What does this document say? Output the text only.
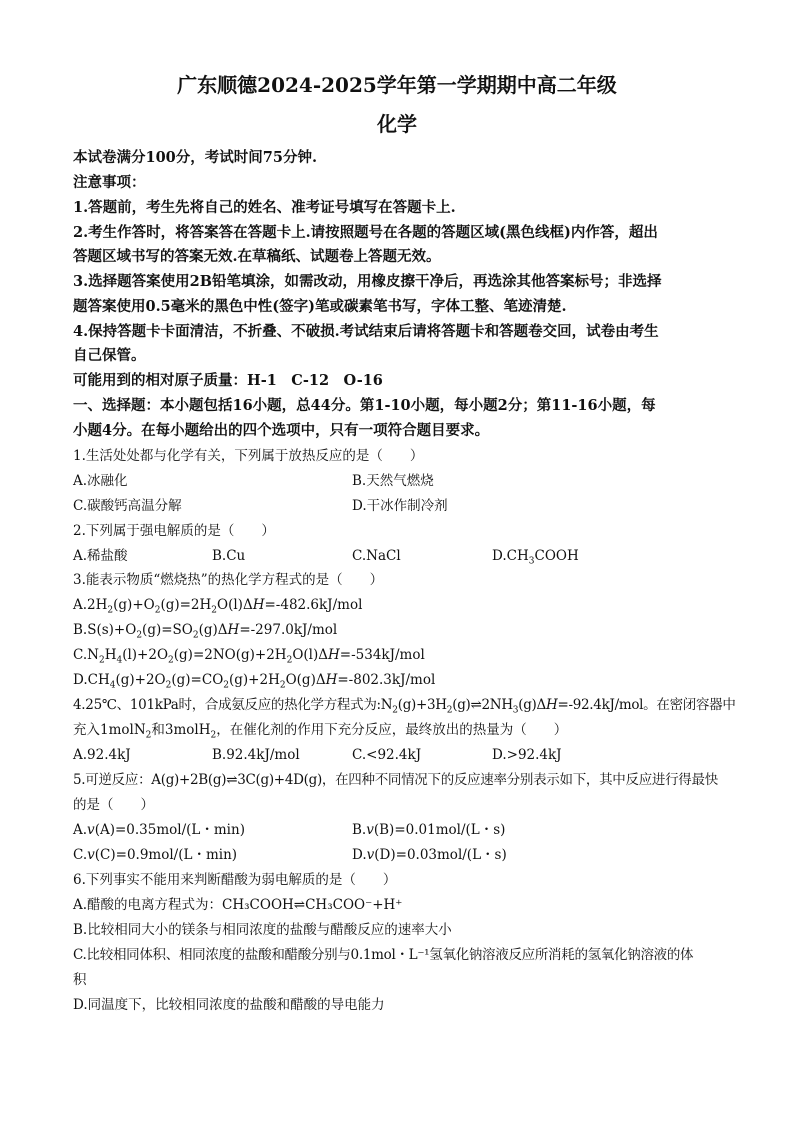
广东顺德2024-2025学年第一学期期中高二年级
化学
本试卷满分100分，考试时间75分钟.
注意事项：
1.答题前，考生先将自己的姓名、准考证号填写在答题卡上.
2.考生作答时，将答案答在答题卡上.请按照题号在各题的答题区域(黑色线框)内作答，超出
答题区域书写的答案无效.在草稿纸、试题卷上答题无效。
3.选择题答案使用2B铅笔填涂，如需改动，用橡皮擦干净后，再选涂其他答案标号；非选择
题答案使用0.5毫米的黑色中性(签字)笔或碳素笔书写，字体工整、笔迹清楚.
4.保持答题卡卡面清洁，不折叠、不破损.考试结束后请将答题卡和答题卷交回，试卷由考生
自己保管。
可能用到的相对原子质量：H-1　C-12　O-16
一、选择题：本小题包括16小题，总44分。第1-10小题，每小题2分；第11-16小题，每
小题4分。在每小题给出的四个选项中，只有一项符合题目要求。
1.生活处处都与化学有关，下列属于放热反应的是（　　）
A.冰融化	B.天然气燃烧
C.碳酸钙高温分解	D.干冰作制冷剂
2.下列属于强电解质的是（　　）
A.稀盐酸	B.Cu	C.NaCl	$D.CH_3COOH$
3.能表示物质“燃烧热”的热化学方程式的是（　　）
$A.2H_2(g)+O_2(g)=2H_2O(l)\Delta H=-482.6kJ$/mol
$B.S(s)+O_2(g)=SO_2(g)\Delta H=-297.0kJ$/mol
$C.N_2H_4(l)+2O_2(g)=2NO(g)+2H_2O(l)\Delta H=-534kJ$/mol
$D.CH_4(g)+2O_2(g)=CO_2(g)+2H_2O(g)\Delta H=-802.3kJ$/mol
4.25℃、101kPa时，合成氨反应的热化学方程式为$:N_2(g)+3H_2(g)\rightleftharpoons 2NH_3(g)\Delta H=-92.4kJ$/mol。在密闭容器中
充入1molN$_2$和3molH$_2$，在催化剂的作用下充分反应，最终放出的热量为（　　）
A.92.4kJ	B.92.4kJ/mol	C.<92.4kJ	D.>92.4kJ
5.可逆反应：A(g)+2B(g)⇌3C(g)+4D(g)，在四种不同情况下的反应速率分别表示如下，其中反应进行得最快
的是（　　）
A.v(A)=0.35mol/(L・min)	B.v(B)=0.01mol/(L・s)
C.v(C)=0.9mol/(L・min)	D.v(D)=0.03mol/(L・s)
6.下列事实不能用来判断醋酸为弱电解质的是（　　）
A.醋酸的电离方程式为：CH₃COOH⇌CH₃COO⁻+H⁺
B.比较相同大小的镁条与相同浓度的盐酸与醋酸反应的速率大小
C.比较相同体积、相同浓度的盐酸和醋酸分别与0.1mol・L⁻¹氢氧化钠溶液反应所消耗的氢氧化钠溶液的体
积
D.同温度下，比较相同浓度的盐酸和醋酸的导电能力
